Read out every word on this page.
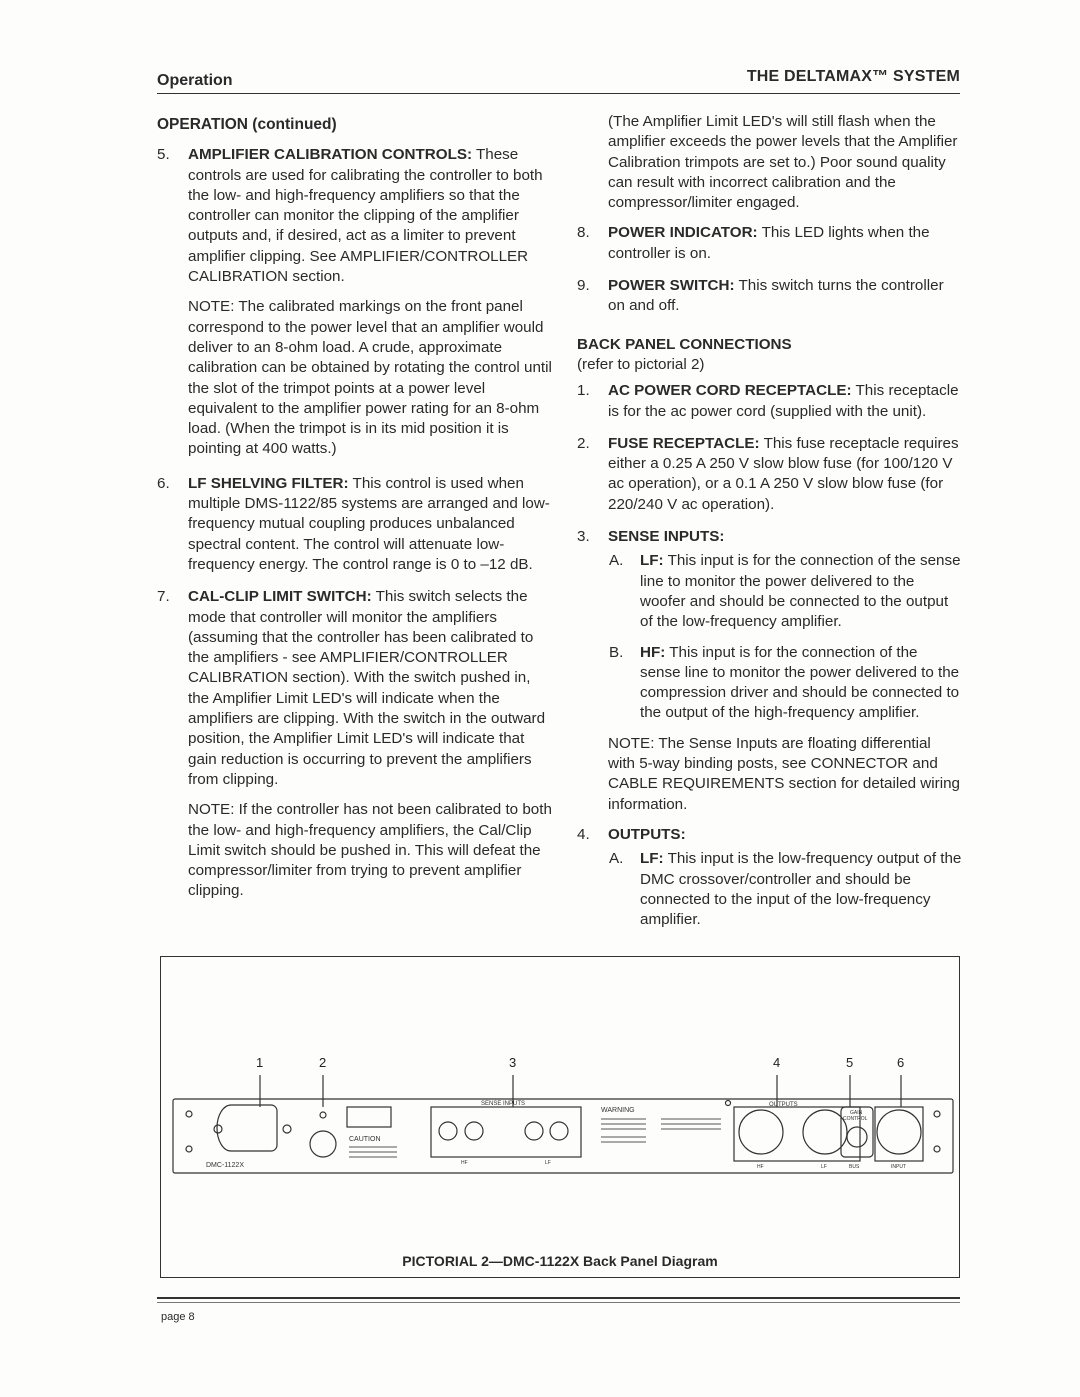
Operation	THE DELTAMAX™ SYSTEM
OPERATION (continued)
5.	AMPLIFIER CALIBRATION CONTROLS: These controls are used for calibrating the controller to both the low- and high-frequency amplifiers so that the controller can monitor the clipping of the amplifier outputs and, if desired, act as a limiter to prevent amplifier clipping. See AMPLIFIER/CONTROLLER CALIBRATION section.

NOTE: The calibrated markings on the front panel correspond to the power level that an amplifier would deliver to an 8-ohm load. A crude, approximate calibration can be obtained by rotating the control until the slot of the trimpot points at a power level equivalent to the amplifier power rating for an 8-ohm load. (When the trimpot is in its mid position it is pointing at 400 watts.)

6.	LF SHELVING FILTER: This control is used when multiple DMS-1122/85 systems are arranged and low-frequency mutual coupling produces unbalanced spectral content. The control will attenuate low-frequency energy. The control range is 0 to –12 dB.

7.	CAL-CLIP LIMIT SWITCH: This switch selects the mode that controller will monitor the amplifiers (assuming that the controller has been calibrated to the amplifiers - see AMPLIFIER/CONTROLLER CALIBRATION section). With the switch pushed in, the Amplifier Limit LED's will indicate when the amplifiers are clipping. With the switch in the outward position, the Amplifier Limit LED's will indicate that gain reduction is occurring to prevent the amplifiers from clipping.

NOTE: If the controller has not been calibrated to both the low- and high-frequency amplifiers, the Cal/Clip Limit switch should be pushed in. This will defeat the compressor/limiter from trying to prevent amplifier clipping.

(The Amplifier Limit LED's will still flash when the amplifier exceeds the power levels that the Amplifier Calibration trimpots are set to.) Poor sound quality can result with incorrect calibration and the compressor/limiter engaged.

8.	POWER INDICATOR: This LED lights when the controller is on.

9.	POWER SWITCH: This switch turns the controller on and off.

BACK PANEL CONNECTIONS
(refer to pictorial 2)
1.	AC POWER CORD RECEPTACLE: This receptacle is for the ac power cord (supplied with the unit).

2.	FUSE RECEPTACLE: This fuse receptacle requires either a 0.25 A 250 V slow blow fuse (for 100/120 V ac operation), or a 0.1 A 250 V slow blow fuse (for 220/240 V ac operation).

3.	SENSE INPUTS:
A.	LF: This input is for the connection of the sense line to monitor the power delivered to the woofer and should be connected to the output of the low-frequency amplifier.
B.	HF: This input is for the connection of the sense line to monitor the power delivered to the compression driver and should be connected to the output of the high-frequency amplifier.

NOTE: The Sense Inputs are floating differential with 5-way binding posts, see CONNECTOR and CABLE REQUIREMENTS section for detailed wiring information.

4.	OUTPUTS:
A.	LF: This input is the low-frequency output of the DMC crossover/controller and should be connected to the input of the low-frequency amplifier.
1	2	3	4	5	6
DMC-1122X
CAUTION
SENSE INPUTS
HF	LF
WARNING
OUTPUTS
HF	LF
GAIN
CONTROL
BUS	INPUT
PICTORIAL 2—DMC-1122X Back Panel Diagram
page 8
